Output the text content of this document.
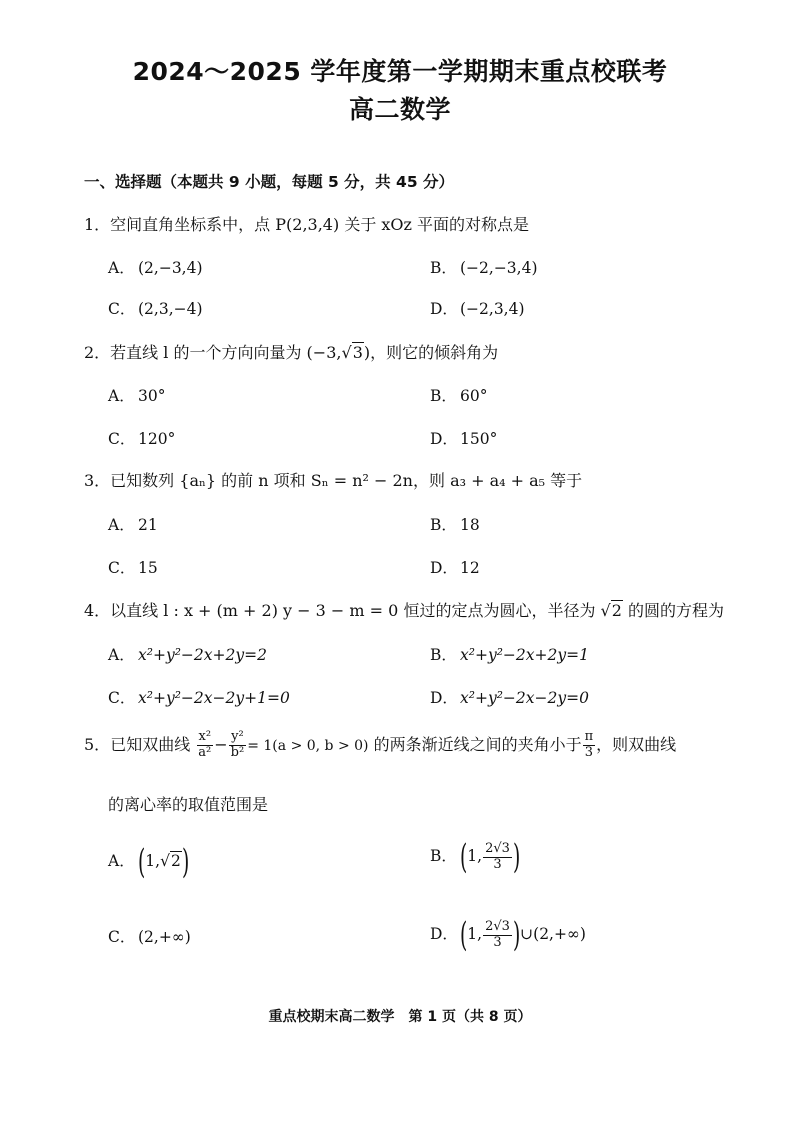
2024～2025 学年度第一学期期末重点校联考
高二数学
一、选择题（本题共 9 小题，每题 5 分，共 45 分）
1．空间直角坐标系中，点 P(2,3,4) 关于 xOz 平面的对称点是
A． (2,−3,4)	B． (−2,−3,4)
C． (2,3,−4)	D． (−2,3,4)
2．若直线 l 的一个方向向量为 (−3,√3)，则它的倾斜角为
A． 30°	B． 60°
C． 120°	D． 150°
3．已知数列 {aₙ} 的前 n 项和 Sₙ = n² − 2n，则 a₃ + a₄ + a₅ 等于
A． 21	B． 18
C． 15	D． 12
4．以直线 l : x + (m + 2) y − 3 − m = 0 恒过的定点为圆心，半径为 √2 的圆的方程为
A． x²+y²−2x+2y=2	B． x²+y²−2x+2y=1
C． x²+y²−2x−2y+1=0	D． x²+y²−2x−2y=0
5．已知双曲线 $\frac{\text{x²}}{\text{a²}} - \frac{\text{y²}}{\text{b²}} = 1(a > 0$, b > 0) 的两条渐近线之间的夹角小于 $\frac{\pi}{3}$ ，则双曲线
的离心率的取值范围是
A．(1,√2)	B．(1, $\frac{2√3}{3}$ )
C． (2,+∞)	D．(1, $\frac{2√3}{3}$ )∪(2,+∞)
重点校期末高二数学　第 1 页（共 8 页）
